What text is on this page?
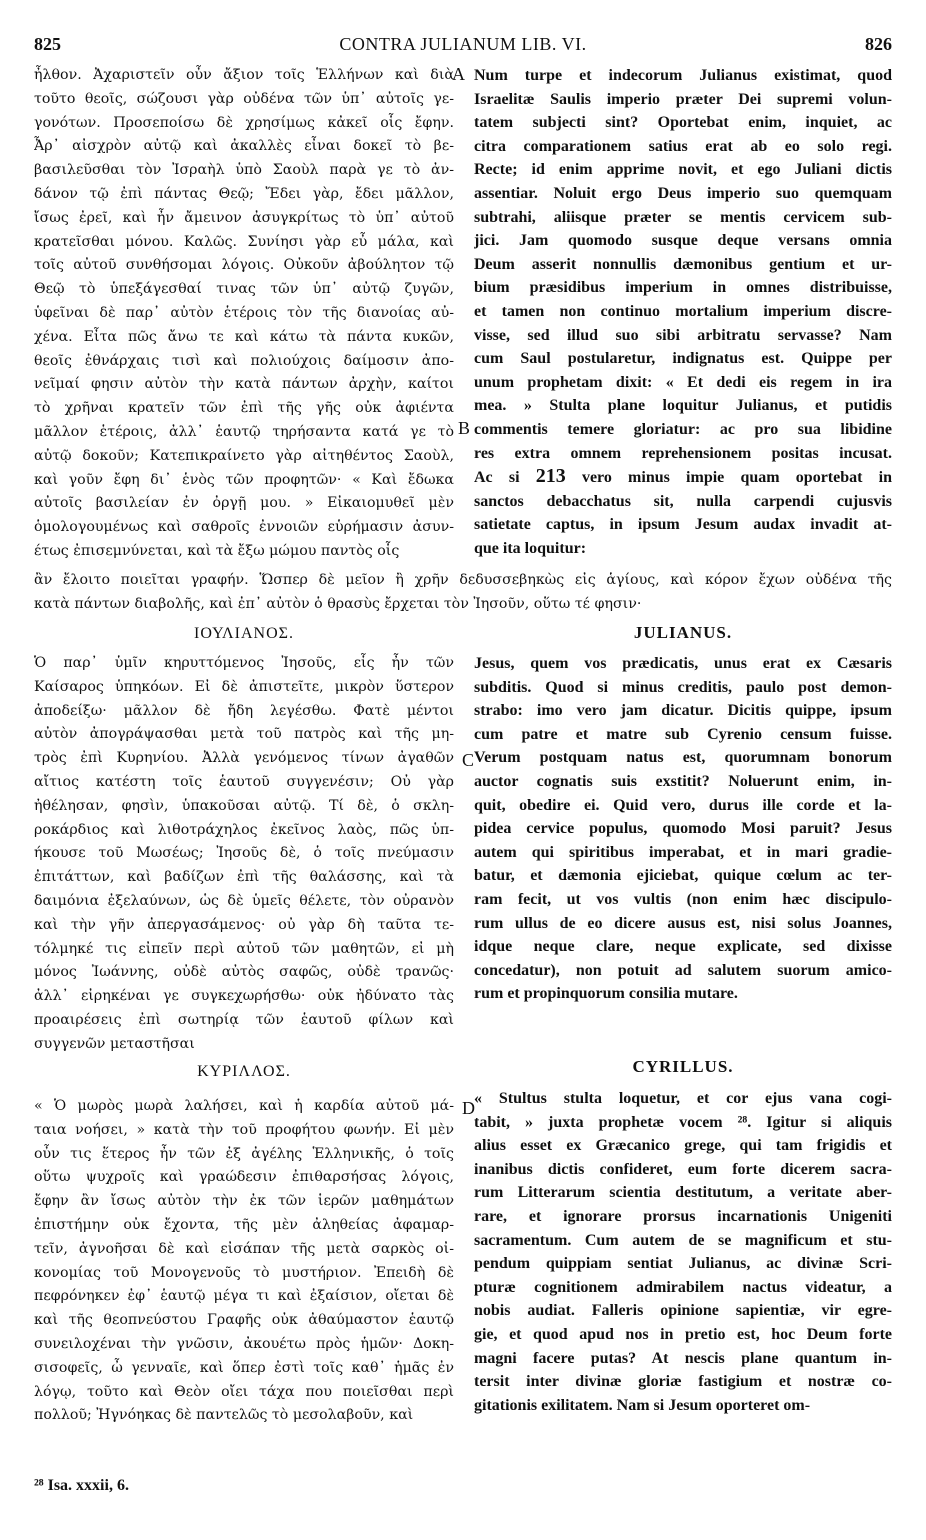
825	CONTRA JULIANUM LIB. VI.	826
ἦλθον. Ἀχαριστεῖν οὖν ἄξιον τοῖς Ἑλλήνων καὶ διὰ
τοῦτο θεοῖς, σώζουσι γὰρ οὐδένα τῶν ὑπ᾽ αὐτοῖς γε-
γονότων. Προσεποίσω δὲ χρησίμως κἀκεῖ οἷς ἔφην.
Ἆρ᾽ αἰσχρὸν αὐτῷ καὶ ἀκαλλὲς εἶναι δοκεῖ τὸ βε-
βασιλεῦσθαι τὸν Ἰσραὴλ ὑπὸ Σαοὺλ παρὰ γε τὸ ἀν-
δάνον τῷ ἐπὶ πάντας Θεῷ; Ἔδει γὰρ, ἔδει μᾶλλον,
ἴσως ἐρεῖ, καὶ ἦν ἄμεινον ἀσυγκρίτως τὸ ὑπ᾽ αὐτοῦ
κρατεῖσθαι μόνου. Καλῶς. Συνίησι γὰρ εὖ μάλα, καὶ
τοῖς αὐτοῦ συνθήσομαι λόγοις. Οὐκοῦν ἀβούλητον τῷ
Θεῷ τὸ ὑπεξάγεσθαί τινας τῶν ὑπ᾽ αὐτῷ ζυγῶν,
ὑφεῖναι δὲ παρ᾽ αὐτὸν ἑτέροις τὸν τῆς διανοίας αὐ-
χένα. Εἶτα πῶς ἄνω τε καὶ κάτω τὰ πάντα κυκῶν,
θεοῖς ἐθνάρχαις τισὶ καὶ πολιούχοις δαίμοσιν ἀπο-
νεῖμαί φησιν αὐτὸν τὴν κατὰ πάντων ἀρχὴν, καίτοι
τὸ χρῆναι κρατεῖν τῶν ἐπὶ τῆς γῆς οὐκ ἀφιέντα
μᾶλλον ἑτέροις, ἀλλ᾽ ἑαυτῷ τηρήσαντα κατά γε τὸ
αὐτῷ δοκοῦν; Κατεπικραίνετο γὰρ αἰτηθέντος Σαοὺλ,
καὶ γοῦν ἔφη δι᾽ ἑνὸς τῶν προφητῶν· « Καὶ ἔδωκα
αὐτοῖς βασιλείαν ἐν ὀργῇ μου. » Εἰκαιομυθεῖ μὲν
ὁμολογουμένως καὶ σαθροῖς ἐννοιῶν εὑρήμασιν ἀσυν-
έτως ἐπισεμνύνεται, καὶ τὰ ἔξω μώμου παντὸς οἷς
Num turpe et indecorum Julianus existimat, quod
Israelitæ Saulis imperio præter Dei supremi volun-
tatem subjecti sint? Oportebat enim, inquiet, ac
citra comparationem satius erat ab eo solo regi.
Recte; id enim apprime novit, et ego Juliani dictis
assentiar. Noluit ergo Deus imperio suo quemquam
subtrahi, aliisque præter se mentis cervicem sub-
jici. Jam quomodo susque deque versans omnia
Deum asserit nonnullis dæmonibus gentium et ur-
bium præsidibus imperium in omnes distribuisse,
et tamen non continuo mortalium imperium discre-
visse, sed illud suo sibi arbitratu servasse? Nam
cum Saul postularetur, indignatus est. Quippe per
unum prophetam dixit: « Et dedi eis regem in ira
mea. » Stulta plane loquitur Julianus, et putidis
commentis temere gloriatur: ac pro sua libidine
res extra omnem reprehensionem positas incusat.
Ac si 213 vero minus impie quam oportebat in
sanctos debacchatus sit, nulla carpendi cujusvis
satietate captus, in ipsum Jesum audax invadit at-
que ita loquitur:
A
B
C
D
ἂν ἔλοιτο ποιεῖται γραφήν. Ὥσπερ δὲ μεῖον ἢ χρῆν δεδυσσεβηκὼς εἰς ἁγίους, καὶ κόρον ἔχων οὐδένα τῆς
κατὰ πάντων διαβολῆς, καὶ ἐπ᾽ αὐτὸν ὁ θρασὺς ἔρχεται τὸν Ἰησοῦν, οὕτω τέ φησιν·
ΙΟΥΛΙΑΝΟΣ.	JULIANUS.
Ὁ παρ᾽ ὑμῖν κηρυττόμενος Ἰησοῦς, εἷς ἦν τῶν
Καίσαρος ὑπηκόων. Εἰ δὲ ἀπιστεῖτε, μικρὸν ὕστερον
ἀποδείξω· μᾶλλον δὲ ἤδη λεγέσθω. Φατὲ μέντοι
αὐτὸν ἀπογράψασθαι μετὰ τοῦ πατρὸς καὶ τῆς μη-
τρὸς ἐπὶ Κυρηνίου. Ἀλλὰ γενόμενος τίνων ἀγαθῶν
αἴτιος κατέστη τοῖς ἑαυτοῦ συγγενέσιν; Οὐ γὰρ
ἠθέλησαν, φησὶν, ὑπακοῦσαι αὐτῷ. Τί δὲ, ὁ σκλη-
ροκάρδιος καὶ λιθοτράχηλος ἐκεῖνος λαὸς, πῶς ὑπ-
ήκουσε τοῦ Μωσέως; Ἰησοῦς δὲ, ὁ τοῖς πνεύμασιν
ἐπιτάττων, καὶ βαδίζων ἐπὶ τῆς θαλάσσης, καὶ τὰ
δαιμόνια ἐξελαύνων, ὡς δὲ ὑμεῖς θέλετε, τὸν οὐρανὸν
καὶ τὴν γῆν ἀπεργασάμενος· οὐ γὰρ δὴ ταῦτα τε-
τόλμηκέ τις εἰπεῖν περὶ αὐτοῦ τῶν μαθητῶν, εἰ μὴ
μόνος Ἰωάννης, οὐδὲ αὐτὸς σαφῶς, οὐδὲ τρανῶς·
ἀλλ᾽ εἰρηκέναι γε συγκεχωρήσθω· οὐκ ἠδύνατο τὰς
προαιρέσεις ἐπὶ σωτηρίᾳ τῶν ἑαυτοῦ φίλων καὶ
συγγενῶν μεταστῆσαι
Jesus, quem vos prædicatis, unus erat ex Cæsaris
subditis. Quod si minus creditis, paulo post demon-
strabo: imo vero jam dicatur. Dicitis quippe, ipsum
cum patre et matre sub Cyrenio censum fuisse.
Verum postquam natus est, quorumnam bonorum
auctor cognatis suis exstitit? Noluerunt enim, in-
quit, obedire ei. Quid vero, durus ille corde et la-
pidea cervice populus, quomodo Mosi paruit? Jesus
autem qui spiritibus imperabat, et in mari gradie-
batur, et dæmonia ejiciebat, quique cœlum ac ter-
ram fecit, ut vos vultis (non enim hæc discipulo-
rum ullus de eo dicere ausus est, nisi solus Joannes,
idque neque clare, neque explicate, sed dixisse
concedatur), non potuit ad salutem suorum amico-
rum et propinquorum consilia mutare.
ΚΥΡΙΛΛΟΣ.	CYRILLUS.
« Ὁ μωρὸς μωρὰ λαλήσει, καὶ ἡ καρδία αὐτοῦ μά-
ταια νοήσει, » κατὰ τὴν τοῦ προφήτου φωνήν. Εἰ μὲν
οὖν τις ἕτερος ἦν τῶν ἐξ ἀγέλης Ἑλληνικῆς, ὁ τοῖς
οὕτω ψυχροῖς καὶ γραώδεσιν ἐπιθαρσήσας λόγοις,
ἔφην ἂν ἴσως αὐτὸν τὴν ἐκ τῶν ἱερῶν μαθημάτων
ἐπιστήμην οὐκ ἔχοντα, τῆς μὲν ἀληθείας ἀφαμαρ-
τεῖν, ἀγνοῆσαι δὲ καὶ εἰσάπαν τῆς μετὰ σαρκὸς οἰ-
κονομίας τοῦ Μονογενοῦς τὸ μυστήριον. Ἐπειδὴ δὲ
πεφρόνηκεν ἐφ᾽ ἑαυτῷ μέγα τι καὶ ἐξαίσιον, οἴεται δὲ
καὶ τῆς θεοπνεύστου Γραφῆς οὐκ ἀθαύμαστον ἑαυτῷ
συνειλοχέναι τὴν γνῶσιν, ἀκουέτω πρὸς ἡμῶν· Δοκη-
σισοφεῖς, ὦ γενναῖε, καὶ ὅπερ ἐστὶ τοῖς καθ᾽ ἡμᾶς ἐν
λόγῳ, τοῦτο καὶ Θεὸν οἴει τάχα που ποιεῖσθαι περὶ
πολλοῦ; Ἠγνόηκας δὲ παντελῶς τὸ μεσολαβοῦν, καὶ
« Stultus stulta loquetur, et cor ejus vana cogi-
tabit, » juxta prophetæ vocem ²⁸. Igitur si aliquis
alius esset ex Græcanico grege, qui tam frigidis et
inanibus dictis confideret, eum forte dicerem sacra-
rum Litterarum scientia destitutum, a veritate aber-
rare, et ignorare prorsus incarnationis Unigeniti
sacramentum. Cum autem de se magnificum et stu-
pendum quippiam sentiat Julianus, ac divinæ Scri-
pturæ cognitionem admirabilem nactus videatur, a
nobis audiat. Falleris opinione sapientiæ, vir egre-
gie, et quod apud nos in pretio est, hoc Deum forte
magni facere putas? At nescis plane quantum in-
tersit inter divinæ gloriæ fastigium et nostræ co-
gitationis exilitatem. Nam si Jesum oporteret om-
²⁸ Isa. xxxii, 6.
